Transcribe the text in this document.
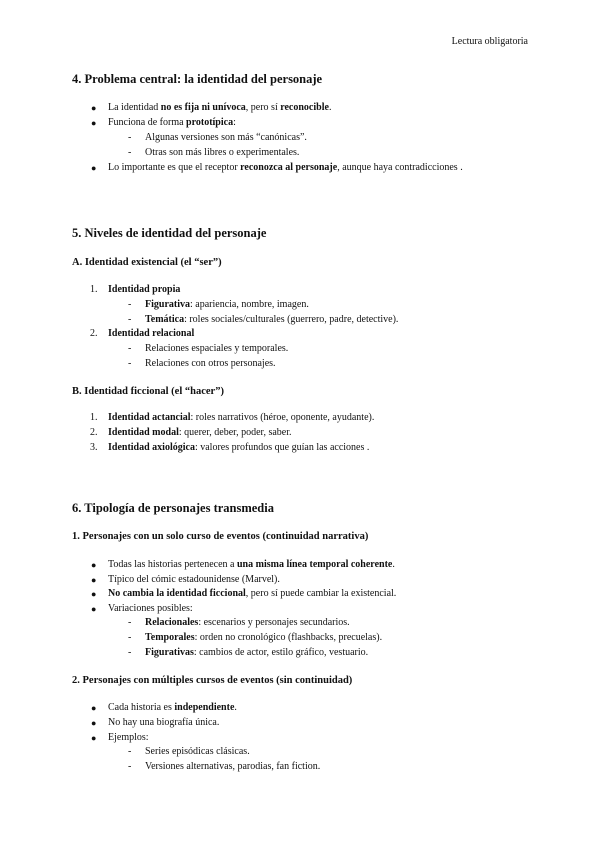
Lectura obligatoria
4. Problema central: la identidad del personaje
● La identidad no es fija ni unívoca, pero sí reconocible.
● Funciona de forma prototípica:
- Algunas versiones son más “canónicas”.
- Otras son más libres o experimentales.
● Lo importante es que el receptor reconozca al personaje, aunque haya contradicciones .
5. Niveles de identidad del personaje
A. Identidad existencial (el “ser”)
1. Identidad propia
- Figurativa: apariencia, nombre, imagen.
- Temática: roles sociales/culturales (guerrero, padre, detective).
2. Identidad relacional
- Relaciones espaciales y temporales.
- Relaciones con otros personajes.
B. Identidad ficcional (el “hacer”)
1. Identidad actancial: roles narrativos (héroe, oponente, ayudante).
2. Identidad modal: querer, deber, poder, saber.
3. Identidad axiológica: valores profundos que guían las acciones .
6. Tipología de personajes transmedia
1. Personajes con un solo curso de eventos (continuidad narrativa)
● Todas las historias pertenecen a una misma línea temporal coherente.
● Típico del cómic estadounidense (Marvel).
● No cambia la identidad ficcional, pero sí puede cambiar la existencial.
● Variaciones posibles:
- Relacionales: escenarios y personajes secundarios.
- Temporales: orden no cronológico (flashbacks, precuelas).
- Figurativas: cambios de actor, estilo gráfico, vestuario.
2. Personajes con múltiples cursos de eventos (sin continuidad)
● Cada historia es independiente.
● No hay una biografía única.
● Ejemplos:
- Series episódicas clásicas.
- Versiones alternativas, parodias, fan fiction.
